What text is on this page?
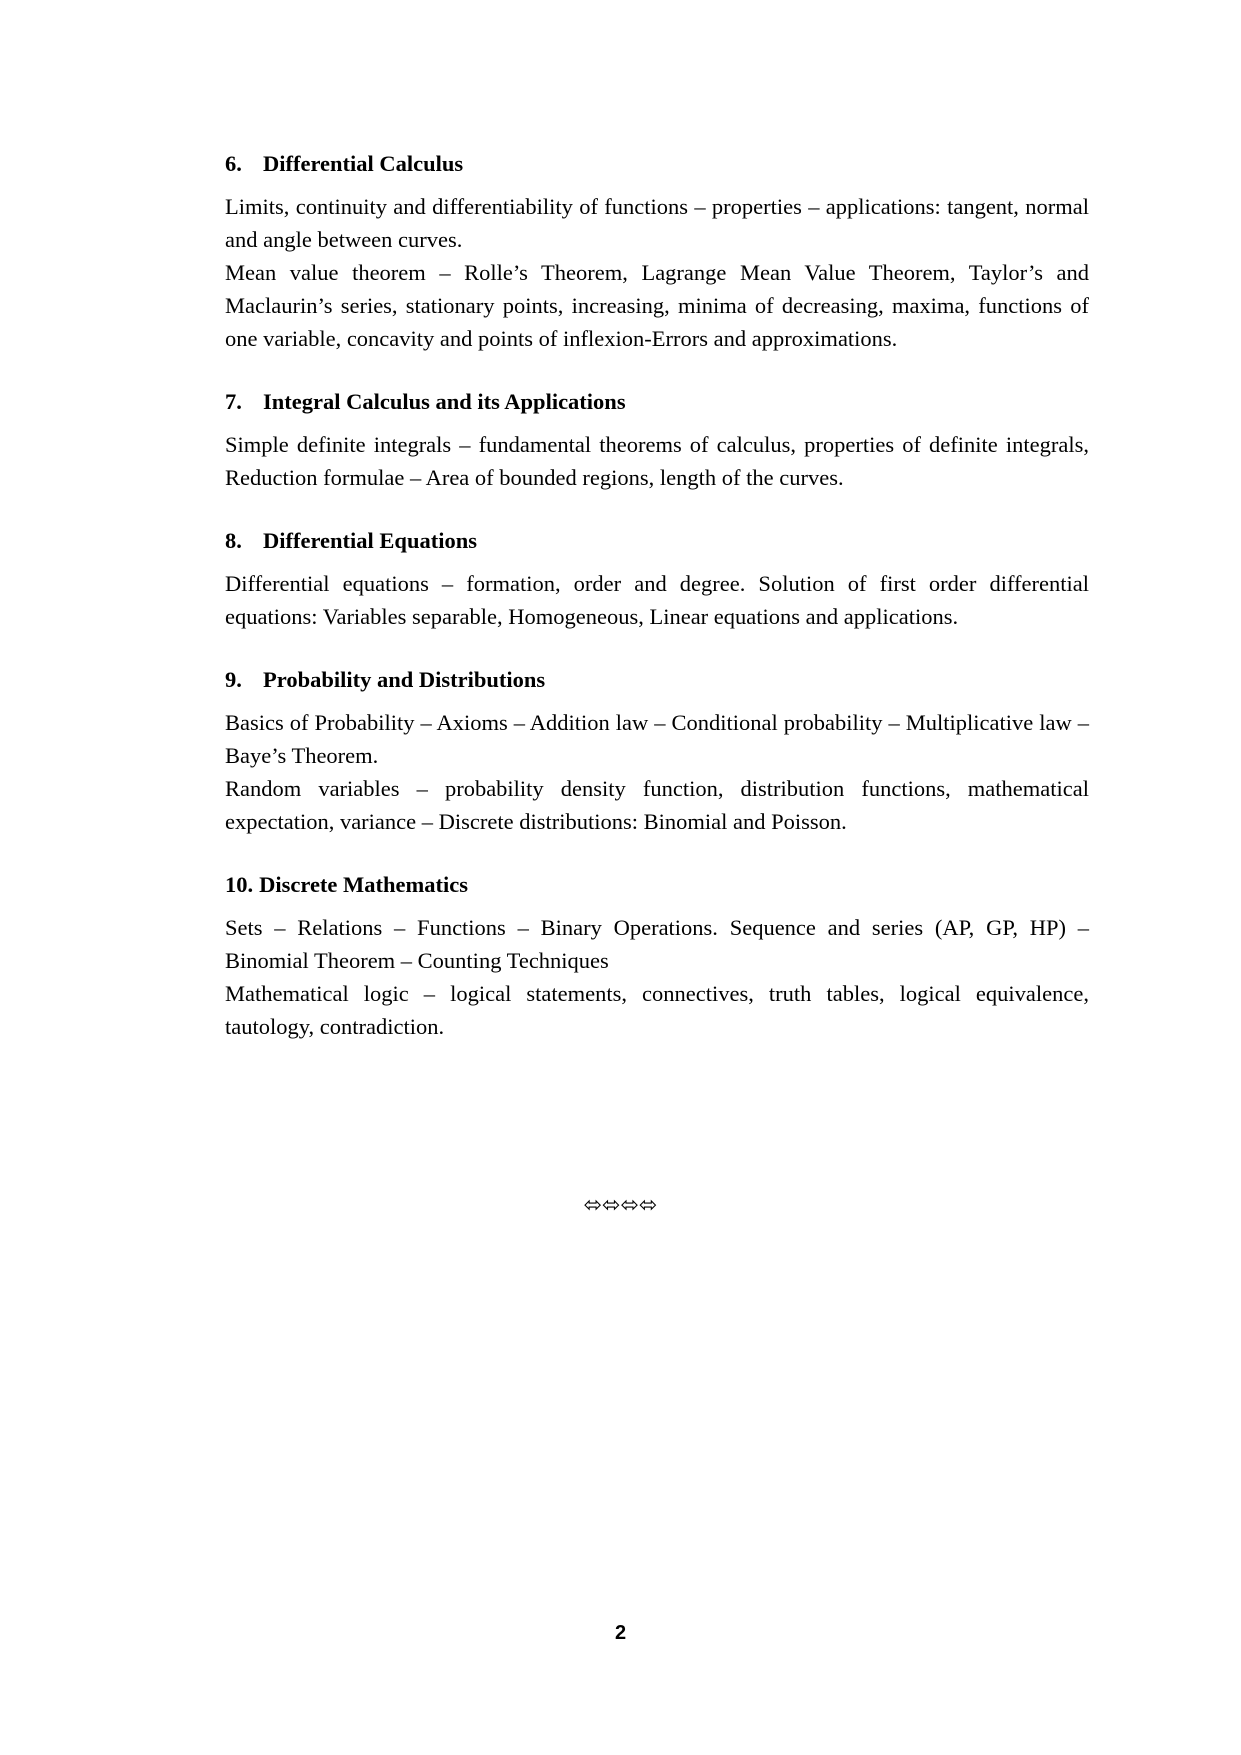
6. Differential Calculus

Limits, continuity and differentiability of functions – properties – applications: tangent, normal and angle between curves.

Mean value theorem – Rolle’s Theorem, Lagrange Mean Value Theorem, Taylor’s and Maclaurin’s series, stationary points, increasing, minima of decreasing, maxima, functions of one variable, concavity and points of inflexion-Errors and approximations.

7. Integral Calculus and its Applications

Simple definite integrals – fundamental theorems of calculus, properties of definite integrals, Reduction formulae – Area of bounded regions, length of the curves.

8. Differential Equations

Differential equations – formation, order and degree. Solution of first order differential equations: Variables separable, Homogeneous, Linear equations and applications.

9. Probability and Distributions

Basics of Probability – Axioms – Addition law – Conditional probability – Multiplicative law – Baye’s Theorem.

Random variables – probability density function, distribution functions, mathematical expectation, variance – Discrete distributions: Binomial and Poisson.

10. Discrete Mathematics

Sets – Relations – Functions – Binary Operations. Sequence and series (AP, GP, HP) – Binomial Theorem – Counting Techniques

Mathematical logic – logical statements, connectives, truth tables, logical equivalence, tautology, contradiction.

⬄⬄⬄⬄
2
